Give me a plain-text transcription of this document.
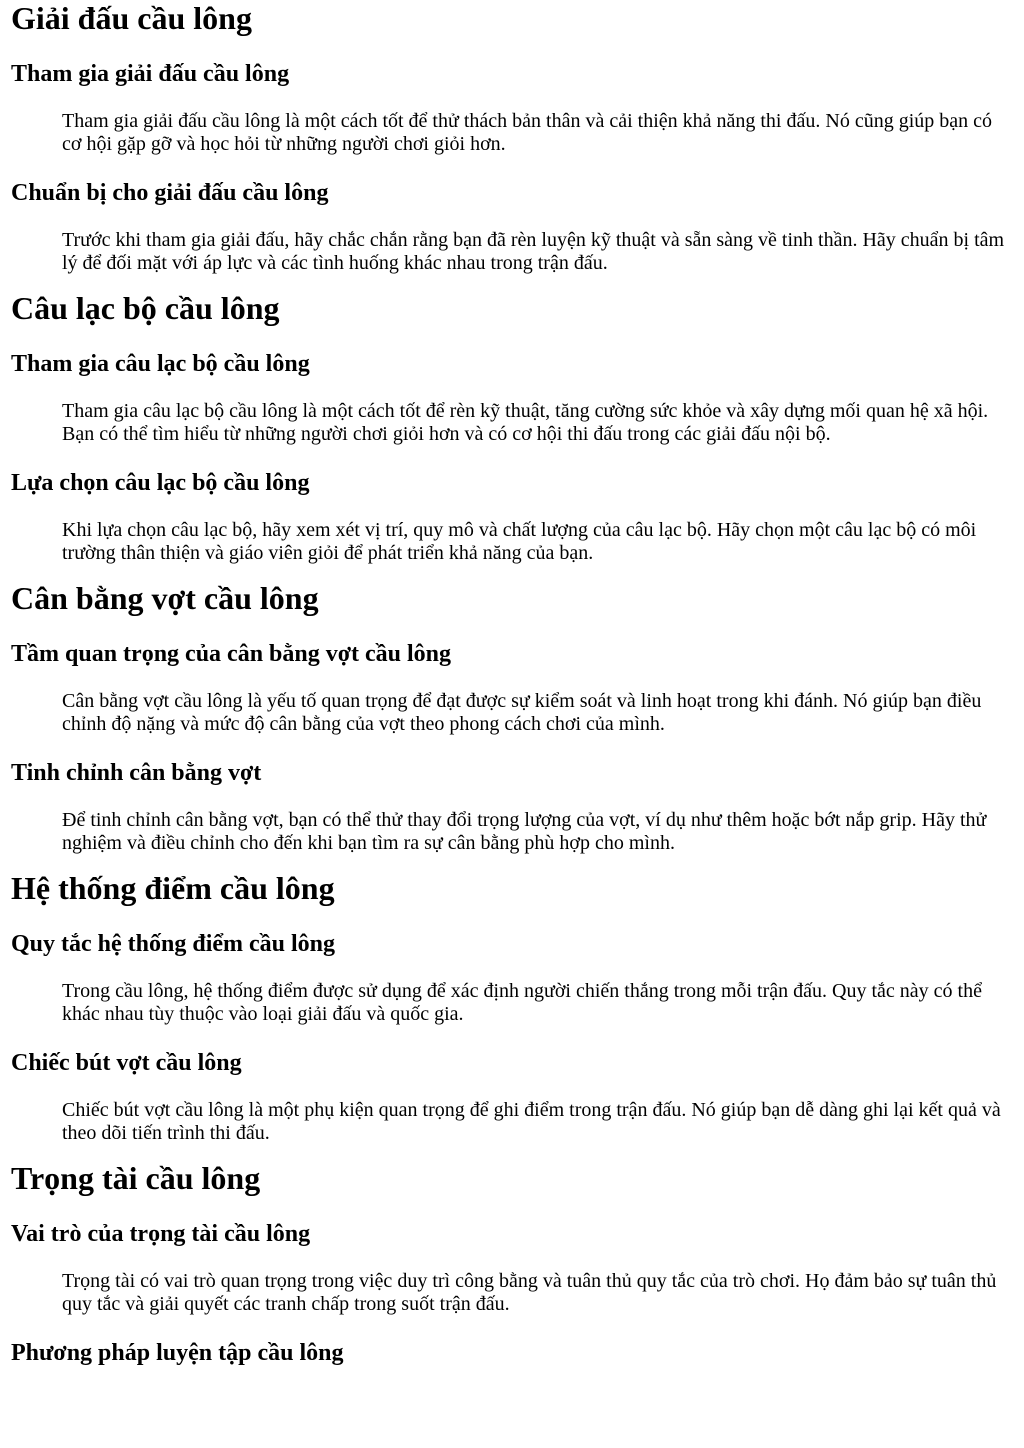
Giải đấu cầu lông
Tham gia giải đấu cầu lông

Tham gia giải đấu cầu lông là một cách tốt để thử thách bản thân và cải thiện khả năng thi đấu. Nó cũng giúp bạn có cơ hội gặp gỡ và học hỏi từ những người chơi giỏi hơn.

Chuẩn bị cho giải đấu cầu lông

Trước khi tham gia giải đấu, hãy chắc chắn rằng bạn đã rèn luyện kỹ thuật và sẵn sàng về tinh thần. Hãy chuẩn bị tâm lý để đối mặt với áp lực và các tình huống khác nhau trong trận đấu.

Câu lạc bộ cầu lông
Tham gia câu lạc bộ cầu lông

Tham gia câu lạc bộ cầu lông là một cách tốt để rèn kỹ thuật, tăng cường sức khỏe và xây dựng mối quan hệ xã hội. Bạn có thể tìm hiểu từ những người chơi giỏi hơn và có cơ hội thi đấu trong các giải đấu nội bộ.

Lựa chọn câu lạc bộ cầu lông

Khi lựa chọn câu lạc bộ, hãy xem xét vị trí, quy mô và chất lượng của câu lạc bộ. Hãy chọn một câu lạc bộ có môi trường thân thiện và giáo viên giỏi để phát triển khả năng của bạn.

Cân bằng vợt cầu lông
Tầm quan trọng của cân bằng vợt cầu lông

Cân bằng vợt cầu lông là yếu tố quan trọng để đạt được sự kiểm soát và linh hoạt trong khi đánh. Nó giúp bạn điều chỉnh độ nặng và mức độ cân bằng của vợt theo phong cách chơi của mình.

Tinh chỉnh cân bằng vợt

Để tinh chỉnh cân bằng vợt, bạn có thể thử thay đổi trọng lượng của vợt, ví dụ như thêm hoặc bớt nắp grip. Hãy thử nghiệm và điều chỉnh cho đến khi bạn tìm ra sự cân bằng phù hợp cho mình.

Hệ thống điểm cầu lông
Quy tắc hệ thống điểm cầu lông

Trong cầu lông, hệ thống điểm được sử dụng để xác định người chiến thắng trong mỗi trận đấu. Quy tắc này có thể khác nhau tùy thuộc vào loại giải đấu và quốc gia.

Chiếc bút vợt cầu lông

Chiếc bút vợt cầu lông là một phụ kiện quan trọng để ghi điểm trong trận đấu. Nó giúp bạn dễ dàng ghi lại kết quả và theo dõi tiến trình thi đấu.

Trọng tài cầu lông
Vai trò của trọng tài cầu lông

Trọng tài có vai trò quan trọng trong việc duy trì công bằng và tuân thủ quy tắc của trò chơi. Họ đảm bảo sự tuân thủ quy tắc và giải quyết các tranh chấp trong suốt trận đấu.

Phương pháp luyện tập cầu lông
